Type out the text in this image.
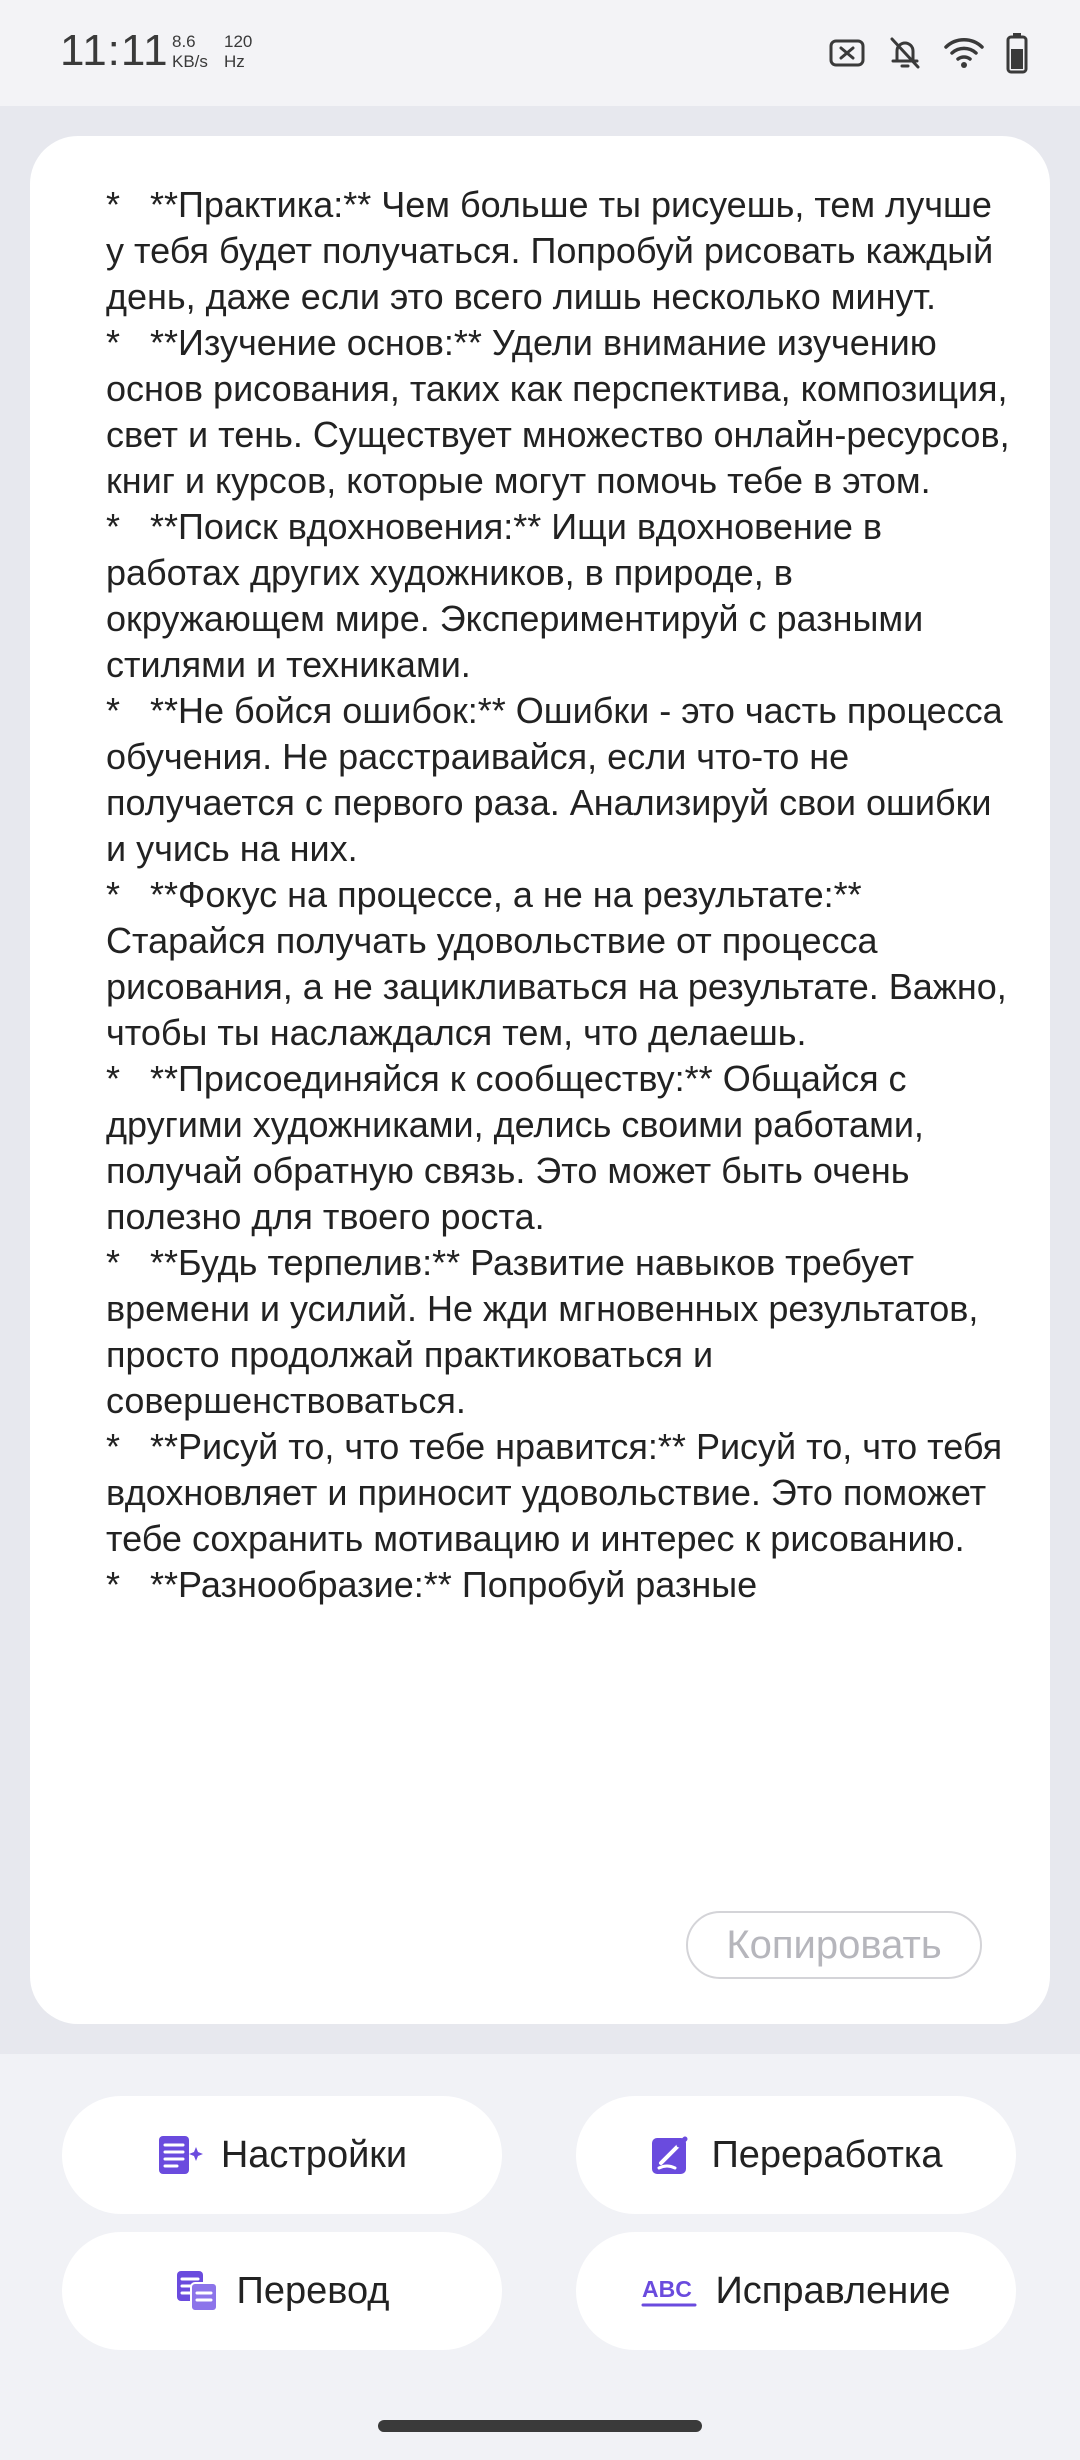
11:11 8.6
KB/s
120
Hz
*   **Практика:** Чем больше ты рисуешь, тем лучше у тебя будет получаться. Попробуй рисовать каждый день, даже если это всего лишь несколько минут.
*   **Изучение основ:** Удели внимание изучению основ рисования, таких как перспектива, композиция, свет и тень. Существует множество онлайн-ресурсов, книг и курсов, которые могут помочь тебе в этом.
*   **Поиск вдохновения:** Ищи вдохновение в работах других художников, в природе, в окружающем мире. Экспериментируй с разными стилями и техниками.
*   **Не бойся ошибок:** Ошибки - это часть процесса обучения. Не расстраивайся, если что-то не получается с первого раза. Анализируй свои ошибки и учись на них.
*   **Фокус на процессе, а не на результате:** Старайся получать удовольствие от процесса рисования, а не зацикливаться на результате. Важно, чтобы ты наслаждался тем, что делаешь.
*   **Присоединяйся к сообществу:** Общайся с другими художниками, делись своими работами, получай обратную связь. Это может быть очень полезно для твоего роста.
*   **Будь терпелив:** Развитие навыков требует времени и усилий. Не жди мгновенных результатов, просто продолжай практиковаться и совершенствоваться.
*   **Рисуй то, что тебе нравится:** Рисуй то, что тебя вдохновляет и приносит удовольствие. Это поможет тебе сохранить мотивацию и интерес к рисованию.
*   **Разнообразие:** Попробуй разные
Копировать
Настройки	Переработка
Перевод	ABC Исправление
